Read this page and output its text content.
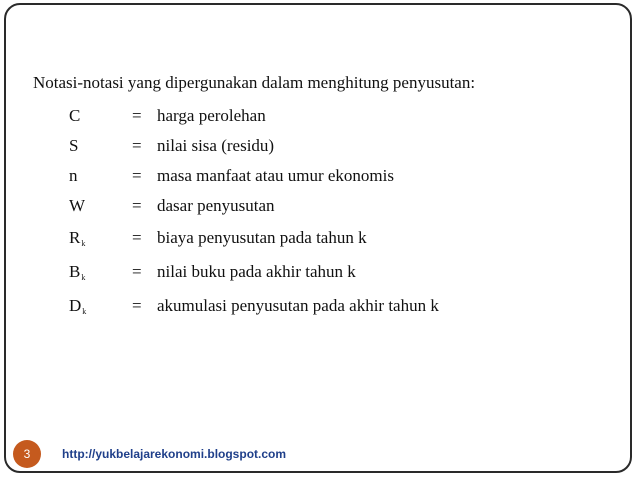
Notasi-notasi yang dipergunakan dalam menghitung penyusutan:
C	= harga perolehan
S	= nilai sisa (residu)
n	= masa manfaat atau umur ekonomis
W	= dasar penyusutan
$R_k$	= biaya penyusutan pada tahun k
$B_k$	= nilai buku pada akhir tahun k
$D_k$	= akumulasi penyusutan pada akhir tahun k
3	http://yukbelajarekonomi.blogspot.com
